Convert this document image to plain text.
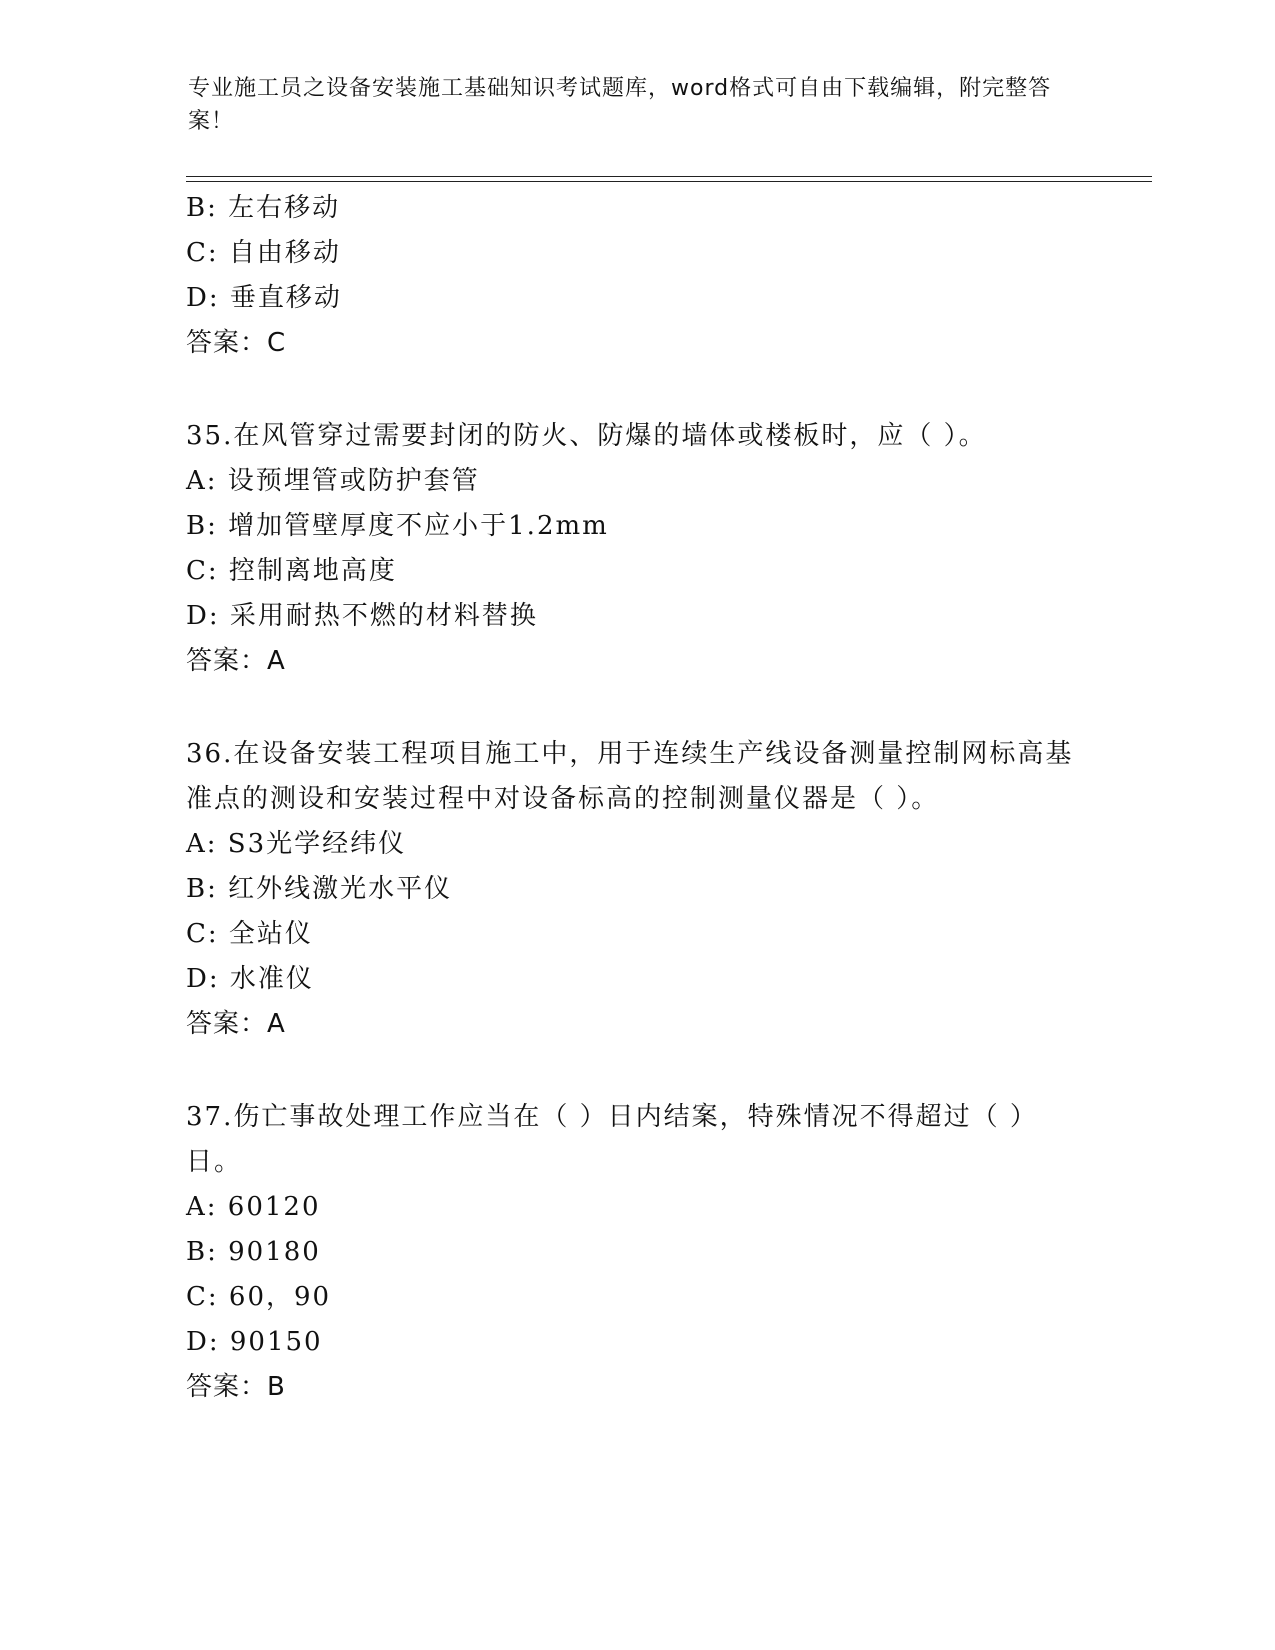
专业施工员之设备安装施工基础知识考试题库，word格式可自由下载编辑，附完整答案！
B: 左右移动
C: 自由移动
D: 垂直移动
答案：C
35.在风管穿过需要封闭的防火、防爆的墙体或楼板时，应（ ）。
A: 设预埋管或防护套管
B: 增加管壁厚度不应小于1.2mm
C: 控制离地高度
D: 采用耐热不燃的材料替换
答案：A
36.在设备安装工程项目施工中，用于连续生产线设备测量控制网标高基准点的测设和安装过程中对设备标高的控制测量仪器是（ ）。
A: S3光学经纬仪
B: 红外线激光水平仪
C: 全站仪
D: 水准仪
答案：A
37.伤亡事故处理工作应当在（ ）日内结案，特殊情况不得超过（ ）日。
A: 60120
B: 90180
C: 60，90
D: 90150
答案：B
